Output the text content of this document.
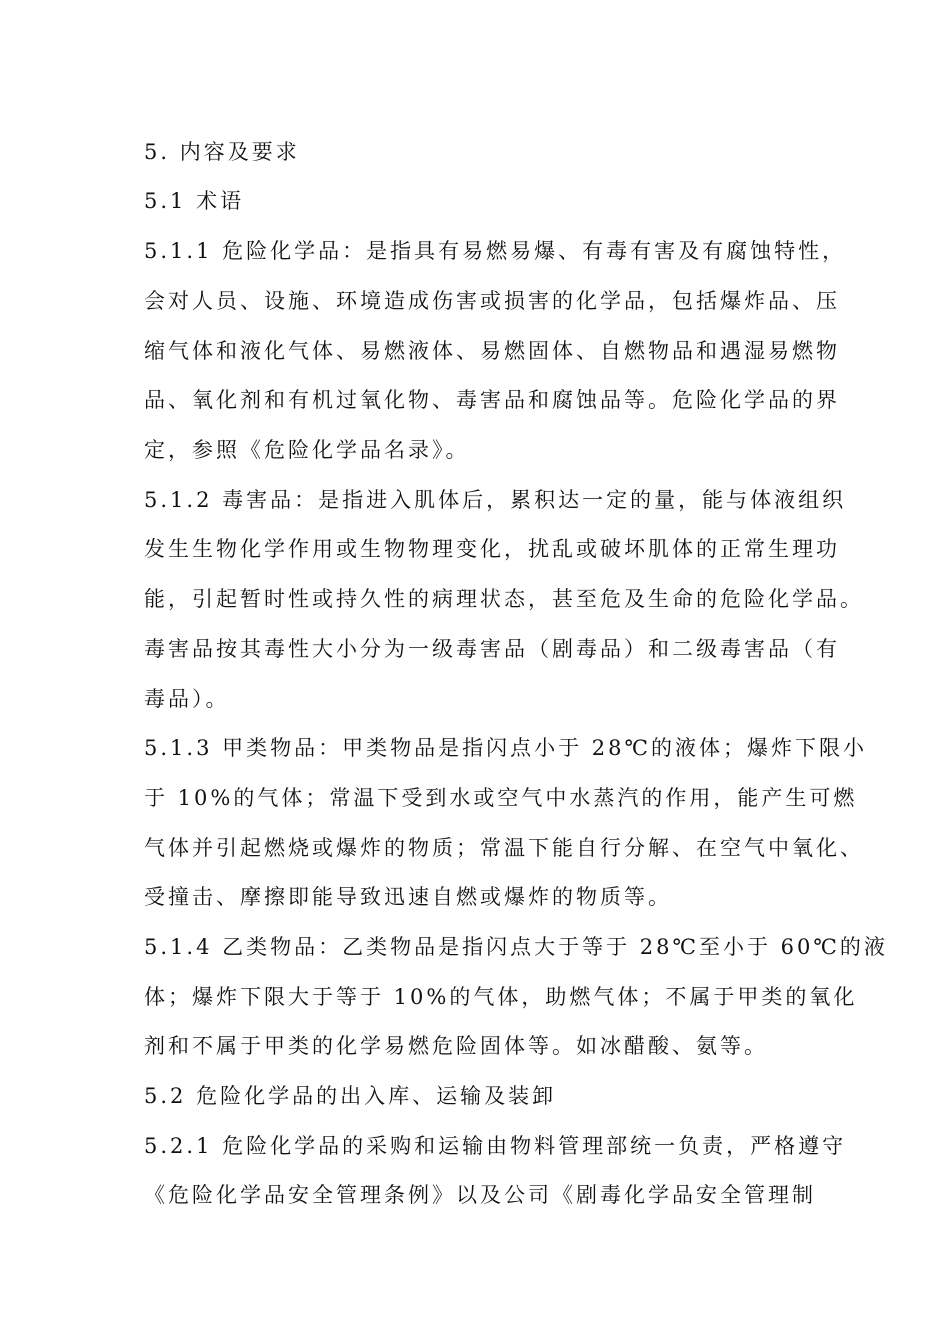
5. 内容及要求
5.1 术语
5.1.1 危险化学品：是指具有易燃易爆、有毒有害及有腐蚀特性，
会对人员、设施、环境造成伤害或损害的化学品，包括爆炸品、压
缩气体和液化气体、易燃液体、易燃固体、自燃物品和遇湿易燃物
品、氧化剂和有机过氧化物、毒害品和腐蚀品等。危险化学品的界
定，参照《危险化学品名录》。
5.1.2 毒害品：是指进入肌体后，累积达一定的量，能与体液组织
发生生物化学作用或生物物理变化，扰乱或破坏肌体的正常生理功
能，引起暂时性或持久性的病理状态，甚至危及生命的危险化学品。
毒害品按其毒性大小分为一级毒害品（剧毒品）和二级毒害品（有
毒品）。
5.1.3 甲类物品：甲类物品是指闪点小于 28℃的液体；爆炸下限小
于 10%的气体；常温下受到水或空气中水蒸汽的作用，能产生可燃
气体并引起燃烧或爆炸的物质；常温下能自行分解、在空气中氧化、
受撞击、摩擦即能导致迅速自燃或爆炸的物质等。
5.1.4 乙类物品：乙类物品是指闪点大于等于 28℃至小于 60℃的液
体；爆炸下限大于等于 10%的气体，助燃气体；不属于甲类的氧化
剂和不属于甲类的化学易燃危险固体等。如冰醋酸、氨等。
5.2 危险化学品的出入库、运输及装卸
5.2.1 危险化学品的采购和运输由物料管理部统一负责，严格遵守
《危险化学品安全管理条例》以及公司《剧毒化学品安全管理制
